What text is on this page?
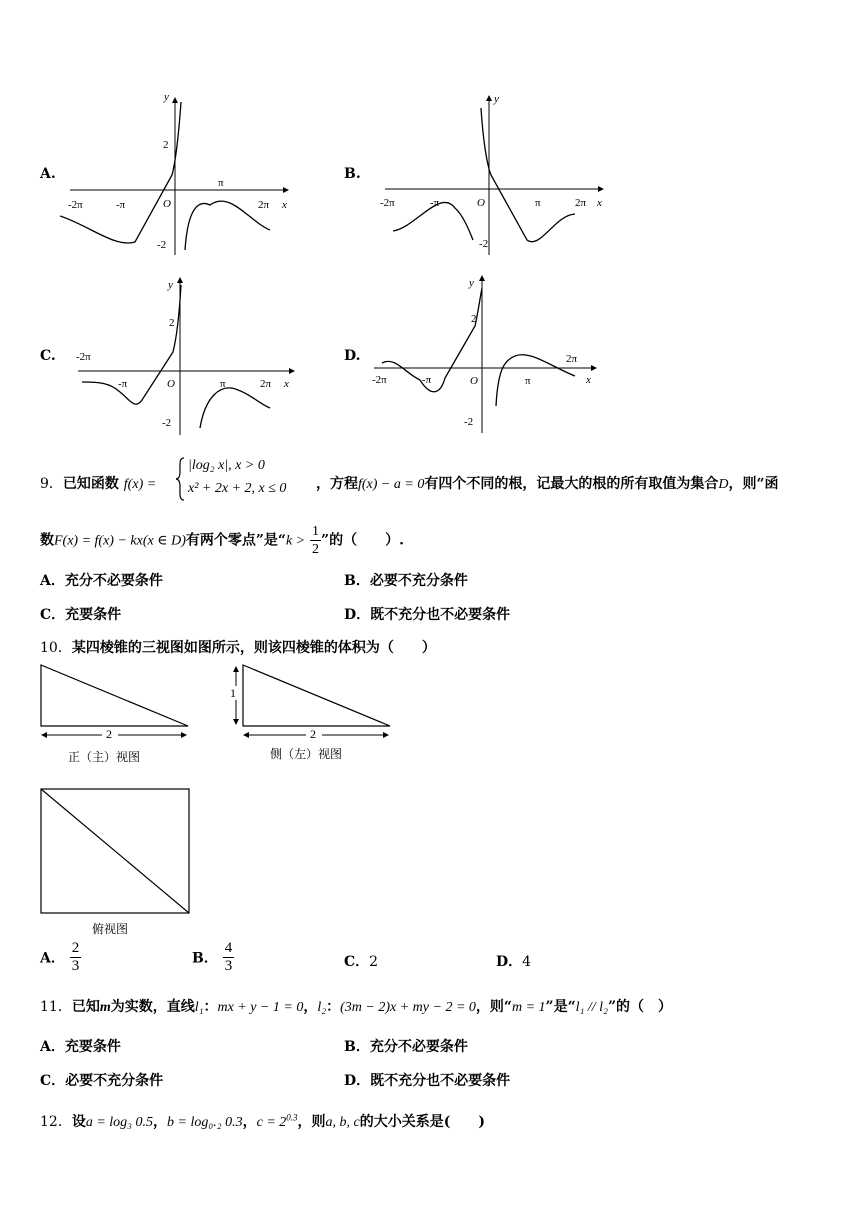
A.
y
x
O
2
-2
-2π	-π
π
2π
B.
y
x
O
-2
-2π	-π	π	2π
C.
y
x
O
2
-2
-2π
-π	π	2π
D.
y
x
O
2
-2
-2π	-π	π
2π
9．已知函数 f(x) =
|log₂ x|, x > 0
x² + 2x + 2, x ≤ 0 ，方程f(x) − a = 0有四个不同的根，记最大的根的所有取值为集合D，则“函
数F(x) = f(x) − kx(x ∈ D)有两个零点”是“$k > \frac{1}{2}$ ”的（　　）.
A．充分不必要条件	B．必要不充分条件
C．充要条件	D．既不充分也不必要条件
10．某四棱锥的三视图如图所示，则该四棱锥的体积为（　　）
2
正（主）视图
1
2
侧（左）视图
俯视图
A． $\frac{2}{3}$	B． $\frac{4}{3}$	C．2	D．4
11．已知m为实数，直线l₁：mx + y − 1 = 0，l₂：(3m − 2)x + my − 2 = 0，则“m = 1”是“l₁ // l₂”的（　）
A．充要条件	B．充分不必要条件
C．必要不充分条件	D．既不充分也不必要条件
12．设a = log₃ 0.5，b = log₀.₂ 0.3，$c = 2^{0.3}$，则a, b, c的大小关系是(　　)
